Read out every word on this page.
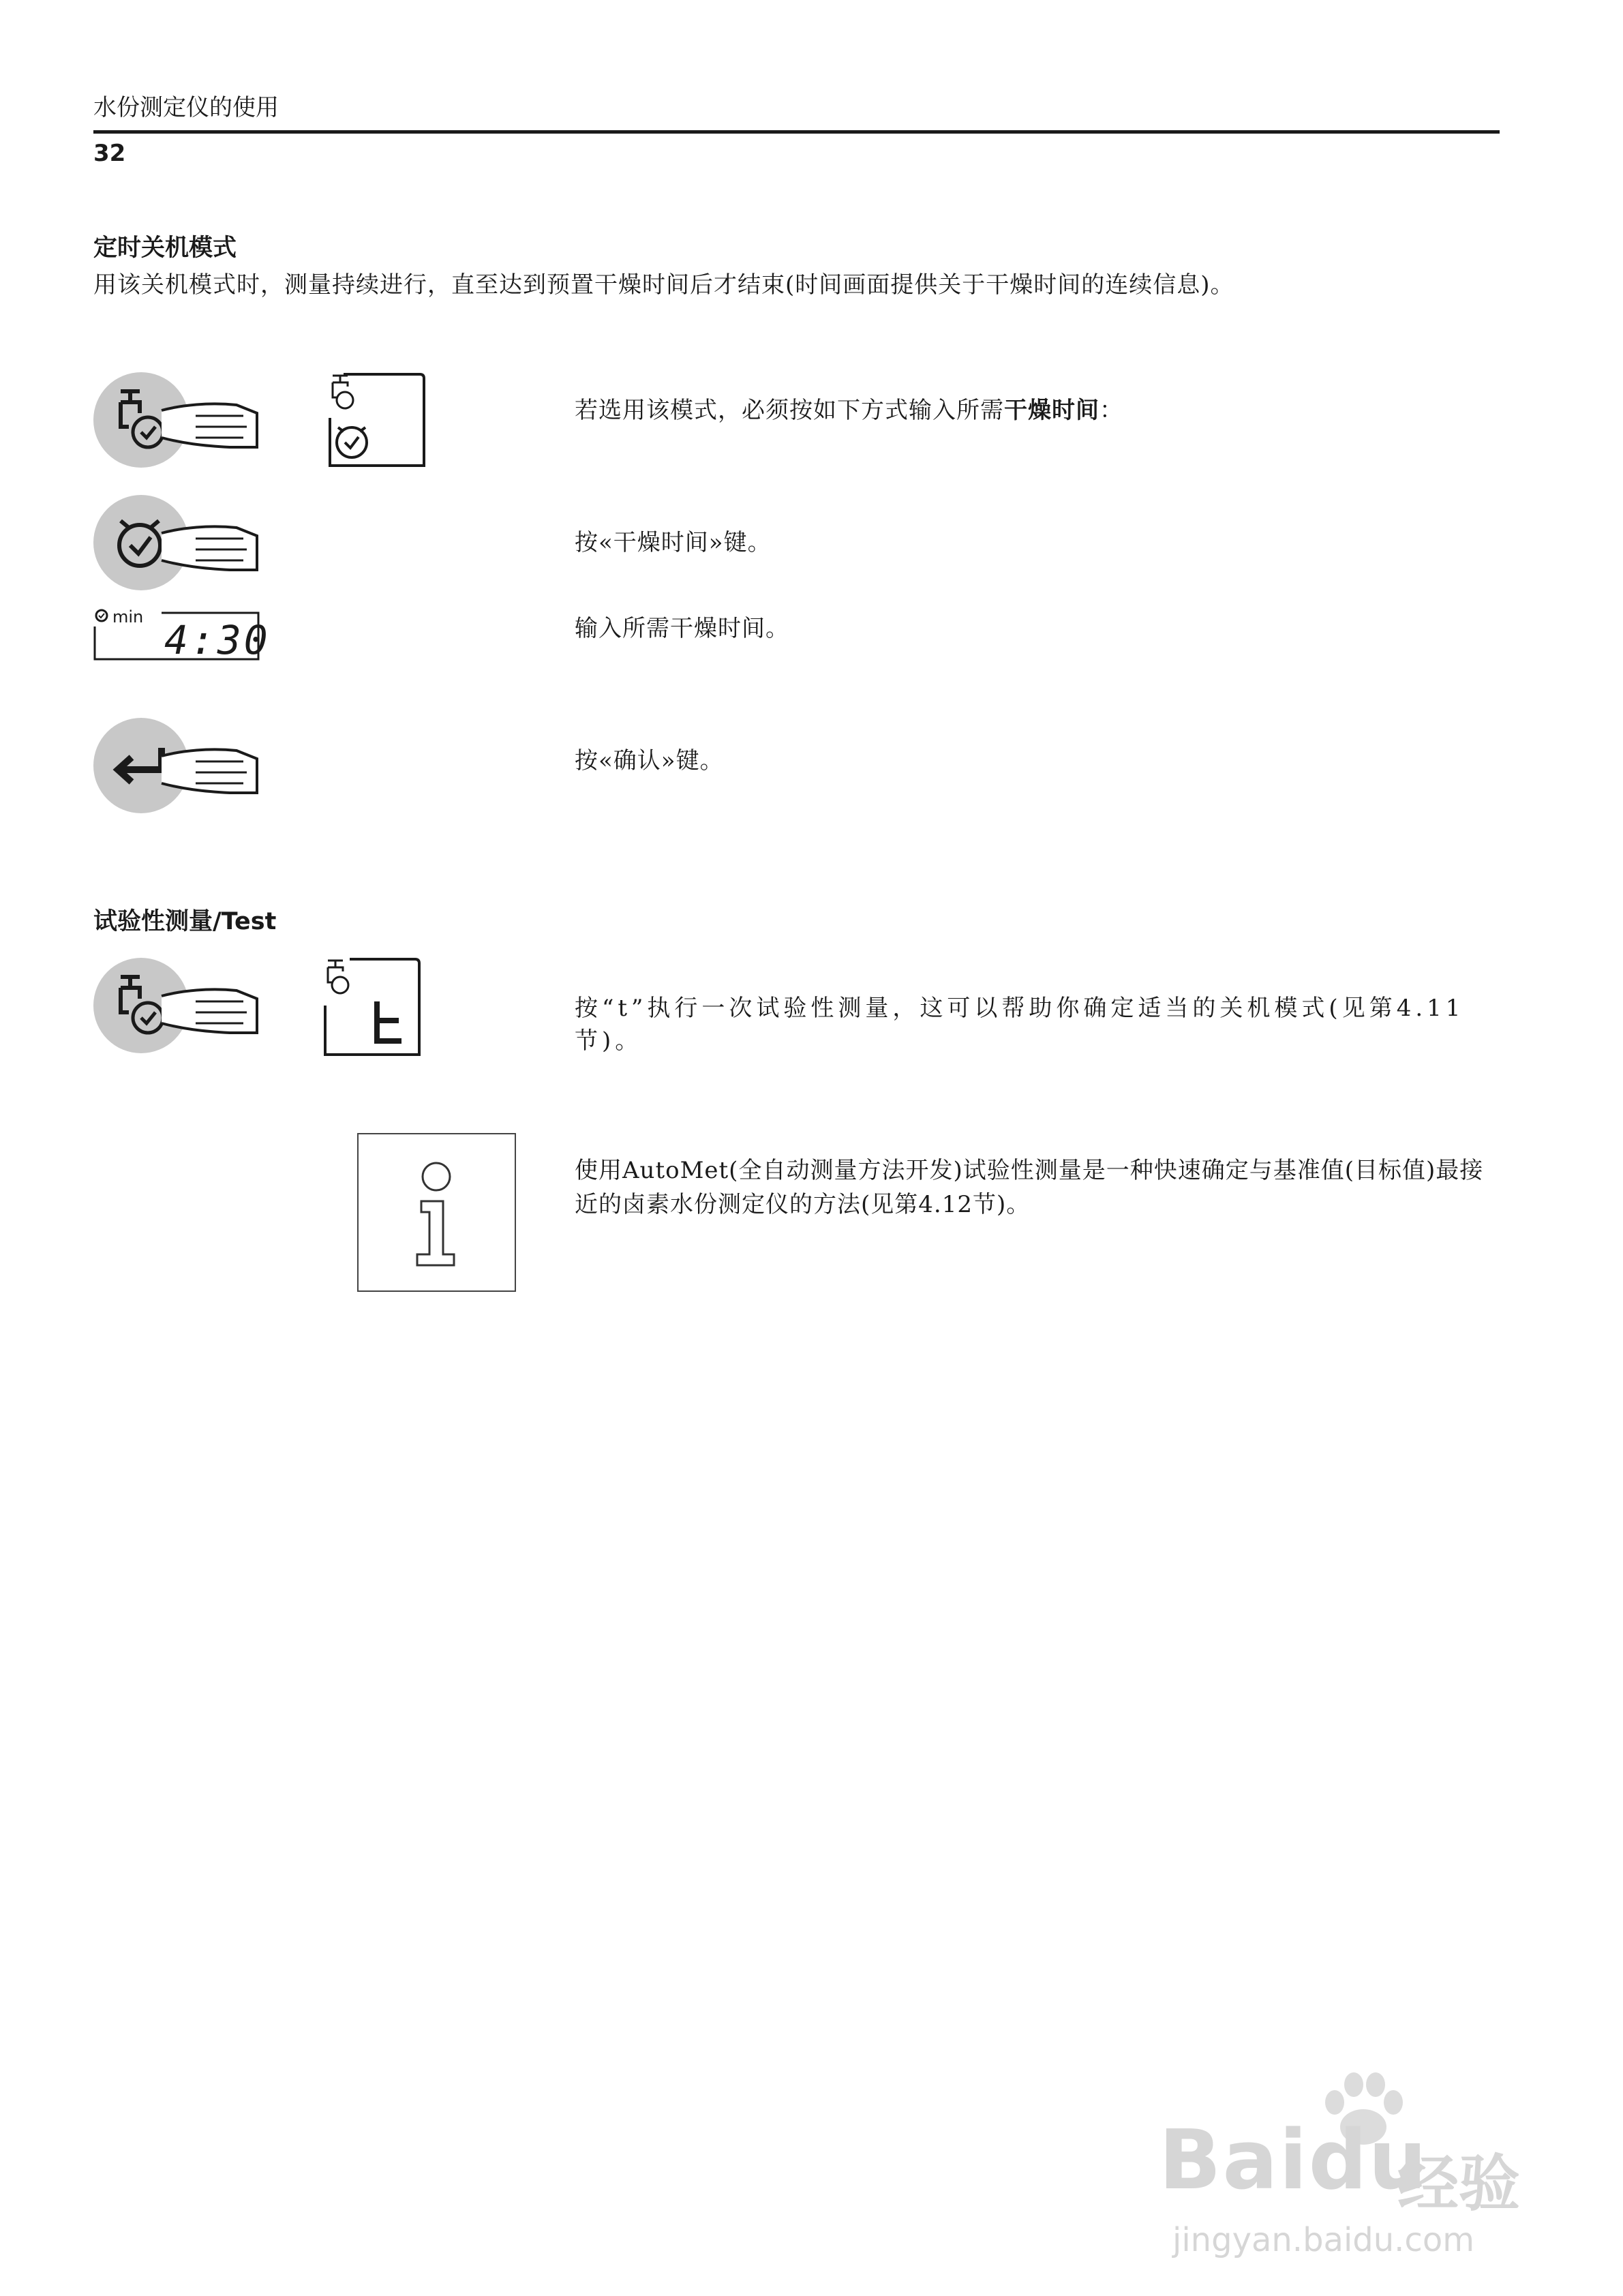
水份测定仪的使用
32
定时关机模式
用该关机模式时，测量持续进行，直至达到预置干燥时间后才结束(时间画面提供关于干燥时间的连续信息)。
若选用该模式，必须按如下方式输入所需干燥时间：
按«干燥时间»键。
min 4:30	输入所需干燥时间。
按«确认»键。
试验性测量/Test
按“t”执行一次试验性测量，这可以帮助你确定适当的关机模式(见第4.11节)。
使用AutoMet(全自动测量方法开发)试验性测量是一种快速确定与基准值(目标值)最接近的卤素水份测定仪的方法(见第4.12节)。
Baidu
经验
jingyan.baidu.com
